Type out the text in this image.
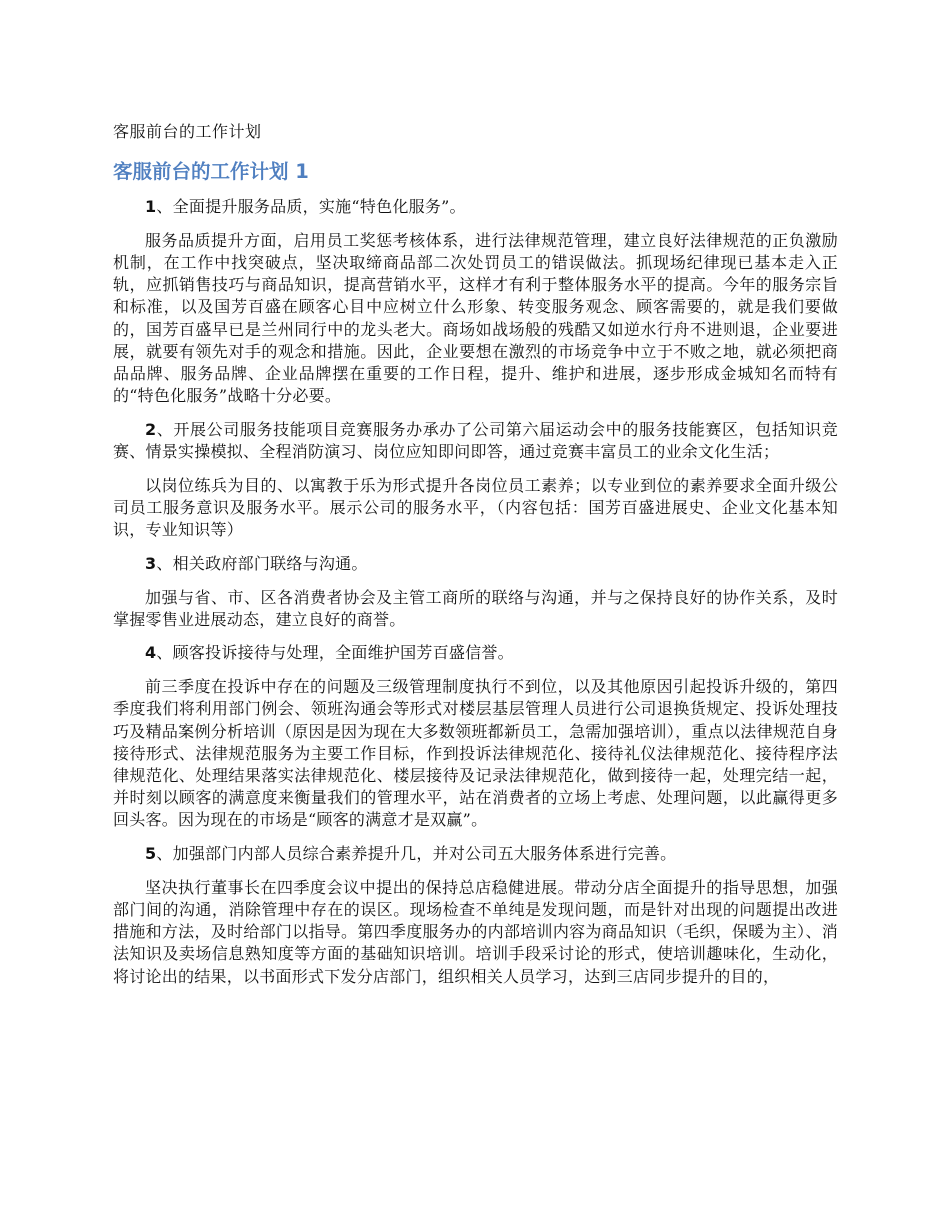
客服前台的工作计划
客服前台的工作计划 1

1、全面提升服务品质，实施“特色化服务”。

服务品质提升方面，启用员工奖惩考核体系，进行法律规范管理，建立良好法律规范的正负激励机制，在工作中找突破点，坚决取缔商品部二次处罚员工的错误做法。抓现场纪律现已基本走入正轨，应抓销售技巧与商品知识，提高营销水平，这样才有利于整体服务水平的提高。今年的服务宗旨和标准，以及国芳百盛在顾客心目中应树立什么形象、转变服务观念、顾客需要的，就是我们要做的，国芳百盛早已是兰州同行中的龙头老大。商场如战场般的残酷又如逆水行舟不进则退，企业要进展，就要有领先对手的观念和措施。因此，企业要想在激烈的市场竞争中立于不败之地，就必须把商品品牌、服务品牌、企业品牌摆在重要的工作日程，提升、维护和进展，逐步形成金城知名而特有的“特色化服务”战略十分必要。

2、开展公司服务技能项目竞赛服务办承办了公司第六届运动会中的服务技能赛区，包括知识竞赛、情景实操模拟、全程消防演习、岗位应知即问即答，通过竞赛丰富员工的业余文化生活；

以岗位练兵为目的、以寓教于乐为形式提升各岗位员工素养；以专业到位的素养要求全面升级公司员工服务意识及服务水平。展示公司的服务水平，（内容包括：国芳百盛进展史、企业文化基本知识，专业知识等）

3、相关政府部门联络与沟通。

加强与省、市、区各消费者协会及主管工商所的联络与沟通，并与之保持良好的协作关系，及时掌握零售业进展动态，建立良好的商誉。

4、顾客投诉接待与处理，全面维护国芳百盛信誉。

前三季度在投诉中存在的问题及三级管理制度执行不到位，以及其他原因引起投诉升级的，第四季度我们将利用部门例会、领班沟通会等形式对楼层基层管理人员进行公司退换货规定、投诉处理技巧及精品案例分析培训（原因是因为现在大多数领班都新员工，急需加强培训），重点以法律规范自身接待形式、法律规范服务为主要工作目标，作到投诉法律规范化、接待礼仪法律规范化、接待程序法律规范化、处理结果落实法律规范化、楼层接待及记录法律规范化，做到接待一起，处理完结一起，并时刻以顾客的满意度来衡量我们的管理水平，站在消费者的立场上考虑、处理问题，以此赢得更多回头客。因为现在的市场是“顾客的满意才是双赢”。

5、加强部门内部人员综合素养提升几，并对公司五大服务体系进行完善。

坚决执行董事长在四季度会议中提出的保持总店稳健进展。带动分店全面提升的指导思想，加强部门间的沟通，消除管理中存在的误区。现场检查不单纯是发现问题，而是针对出现的问题提出改进措施和方法，及时给部门以指导。第四季度服务办的内部培训内容为商品知识（毛织，保暖为主）、消法知识及卖场信息熟知度等方面的基础知识培训。培训手段采讨论的形式，使培训趣味化，生动化，将讨论出的结果，以书面形式下发分店部门，组织相关人员学习，达到三店同步提升的目的，
